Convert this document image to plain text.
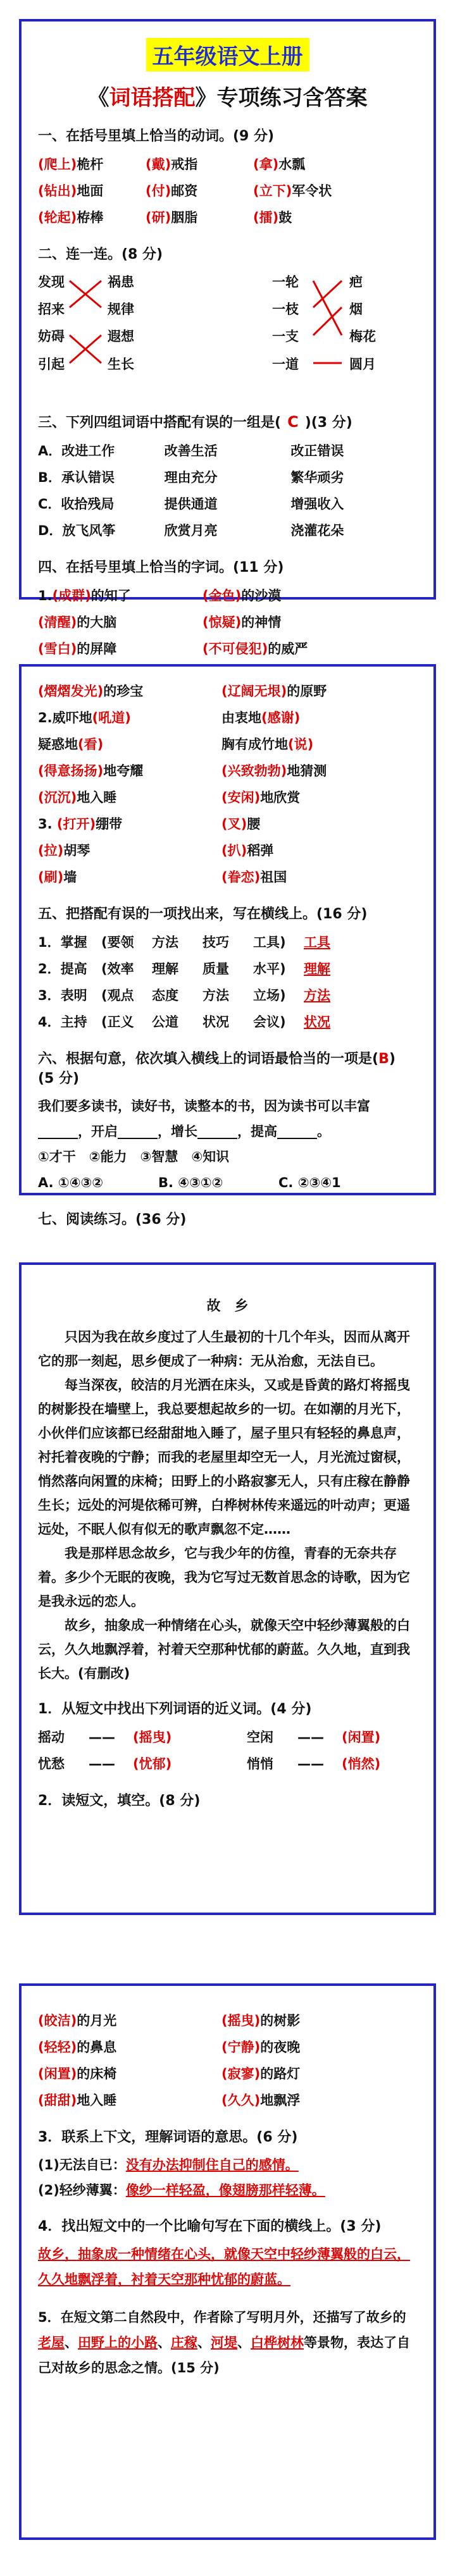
五年级语文上册
《词语搭配》专项练习含答案
一、在括号里填上恰当的动词。(9 分)
(爬上)桅杆	(戴)戒指	(拿)水瓢
(钻出)地面	(付)邮资	(立下)军令状
(轮起)栫棒	(研)胭脂	(擂)鼓
二、连一连。(8 分)
发现
招来
妨碍
引起
祸患
规律
遐想
生长
一轮
一枝
一支
一道
疤
烟
梅花
圆月
三、下列四组词语中搭配有误的一组是( C )(3 分)
A．改进工作	改善生活	改正错误
B．承认错误	理由充分	繁华顽劣
C．收拾残局	提供通道	增强收入
D．放飞风筝	欣赏月亮	浇灌花朵
四、在括号里填上恰当的字词。(11 分)
1.(成群)的知了	(金色)的沙漠
(清醒)的大脑	(惊疑)的神情
(雪白)的屏障	(不可侵犯)的威严
(熠熠发光)的珍宝	(辽阔无垠)的原野
2.威吓地(吼道)	由衷地(感谢)
疑惑地(看)	胸有成竹地(说)
(得意扬扬)地夸耀	(兴致勃勃)地猜测
(沉沉)地入睡	(安闲)地欣赏
3. (打开)绷带	(叉)腰
(拉)胡琴	(扒)稻弹
(刷)墙	(眷恋)祖国
五、把搭配有误的一项找出来，写在横线上。(16 分)
1．掌握	(要领	方法	技巧	工具)	工具
2．提高	(效率	理解	质量	水平)	理解
3．表明	(观点	态度	方法	立场)	方法
4．主持	(正义	公道	状况	会议)	状况
六、根据句意，依次填入横线上的词语最恰当的一项是(B)
(5 分)
我们要多读书，读好书，读整本的书，因为读书可以丰富
______，开启______，增长______，提高______。
①才干　②能力　③智慧　④知识
A. ①④③②	B. ④③①②	C. ②③④1
七、阅读练习。(36 分)
故　乡

只因为我在故乡度过了人生最初的十几个年头，因而从离开它的那一刻起，思乡便成了一种病：无从治愈，无法自已。

每当深夜，皎洁的月光洒在床头，又或是昏黄的路灯将摇曳的树影投在墙壁上，我总要想起故乡的一切。在如潮的月光下，小伙伴们应该都已经甜甜地入睡了，屋子里只有轻轻的鼻息声，衬托着夜晚的宁静；而我的老屋里却空无一人，月光流过窗棂，悄然落向闲置的床椅；田野上的小路寂寥无人，只有庄稼在静静生长；远处的河堤依稀可辨，白桦树林传来遥远的叶动声；更遥远处，不眠人似有似无的歌声飘忽不定……

我是那样思念故乡，它与我少年的仿徨，青春的无奈共存着。多少个无眠的夜晚，我为它写过无数首思念的诗歌，因为它是我永远的恋人。

故乡，抽象成一种情绪在心头，就像天空中轻纱薄翼般的白云，久久地飘浮着，衬着天空那种忧郁的蔚蓝。久久地，直到我长大。(有删改)

1．从短文中找出下列词语的近义词。(4 分)
摇动	——	(摇曳)	空闲	——	(闲置)
忧愁	——	(忧郁)	悄悄	——	(悄然)
2．读短文，填空。(8 分)
(皎洁)的月光	(摇曳)的树影
(轻轻)的鼻息	(宁静)的夜晚
(闲置)的床椅	(寂寥)的路灯
(甜甜)地入睡	(久久)地飘浮
3．联系上下文，理解词语的意思。(6 分)
(1)无法自已：没有办法抑制住自己的感情。
(2)轻纱薄翼：像纱一样轻盈，像翅膀那样轻薄。
4．找出短文中的一个比喻句写在下面的横线上。(3 分)
故乡，抽象成一种情绪在心头，就像天空中轻纱薄翼般的白云，久久地飘浮着，衬着天空那种忧郁的蔚蓝。
5．在短文第二自然段中，作者除了写明月外，还描写了故乡的老屋、田野上的小路、庄稼、河堤、白桦树林等景物，表达了自己对故乡的思念之情。(15 分)
